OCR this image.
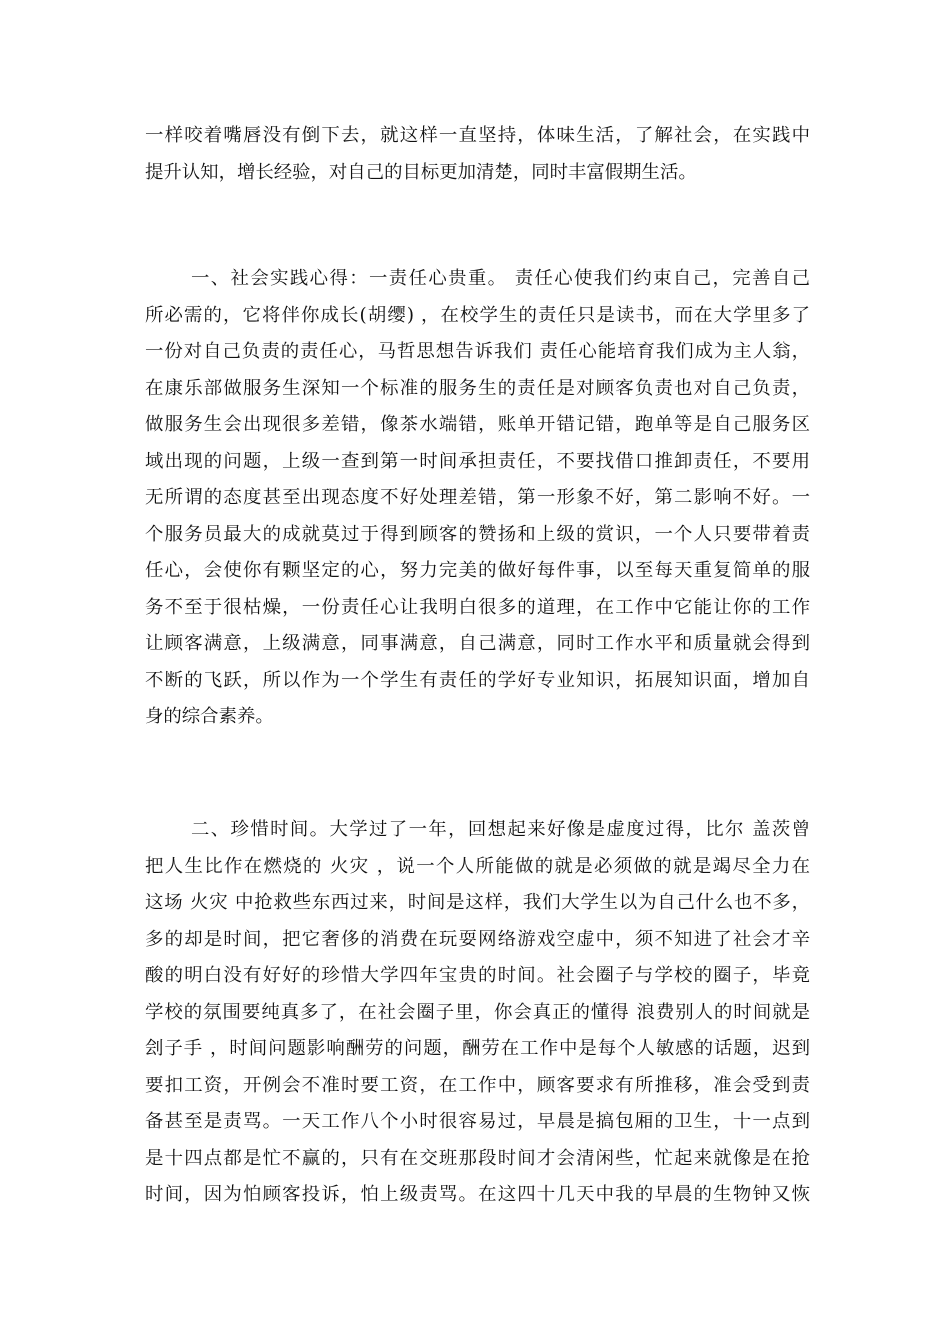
一样咬着嘴唇没有倒下去，就这样一直坚持，体味生活，了解社会，在实践中
提升认知，增长经验，对自己的目标更加清楚，同时丰富假期生活。
一、社会实践心得：一责任心贵重。 责任心使我们约束自己，完善自己
所必需的，它将伴你成长(胡缨) ，在校学生的责任只是读书，而在大学里多了
一份对自己负责的责任心，马哲思想告诉我们 责任心能培育我们成为主人翁，
在康乐部做服务生深知一个标准的服务生的责任是对顾客负责也对自己负责，
做服务生会出现很多差错，像茶水端错，账单开错记错，跑单等是自己服务区
域出现的问题，上级一查到第一时间承担责任，不要找借口推卸责任，不要用
无所谓的态度甚至出现态度不好处理差错，第一形象不好，第二影响不好。一
个服务员最大的成就莫过于得到顾客的赞扬和上级的赏识，一个人只要带着责
任心，会使你有颗坚定的心，努力完美的做好每件事，以至每天重复简单的服
务不至于很枯燥，一份责任心让我明白很多的道理，在工作中它能让你的工作
让顾客满意，上级满意，同事满意，自己满意，同时工作水平和质量就会得到
不断的飞跃，所以作为一个学生有责任的学好专业知识，拓展知识面，增加自
身的综合素养。
二、珍惜时间。大学过了一年，回想起来好像是虚度过得，比尔 盖茨曾
把人生比作在燃烧的 火灾 ，说一个人所能做的就是必须做的就是竭尽全力在
这场 火灾 中抢救些东西过来，时间是这样，我们大学生以为自己什么也不多，
多的却是时间，把它奢侈的消费在玩耍网络游戏空虚中，须不知进了社会才辛
酸的明白没有好好的珍惜大学四年宝贵的时间。社会圈子与学校的圈子，毕竟
学校的氛围要纯真多了，在社会圈子里，你会真正的懂得 浪费别人的时间就是
刽子手 ，时间问题影响酬劳的问题，酬劳在工作中是每个人敏感的话题，迟到
要扣工资，开例会不准时要工资，在工作中，顾客要求有所推移，准会受到责
备甚至是责骂。一天工作八个小时很容易过，早晨是搞包厢的卫生，十一点到
是十四点都是忙不赢的，只有在交班那段时间才会清闲些，忙起来就像是在抢
时间，因为怕顾客投诉，怕上级责骂。在这四十几天中我的早晨的生物钟又恢
